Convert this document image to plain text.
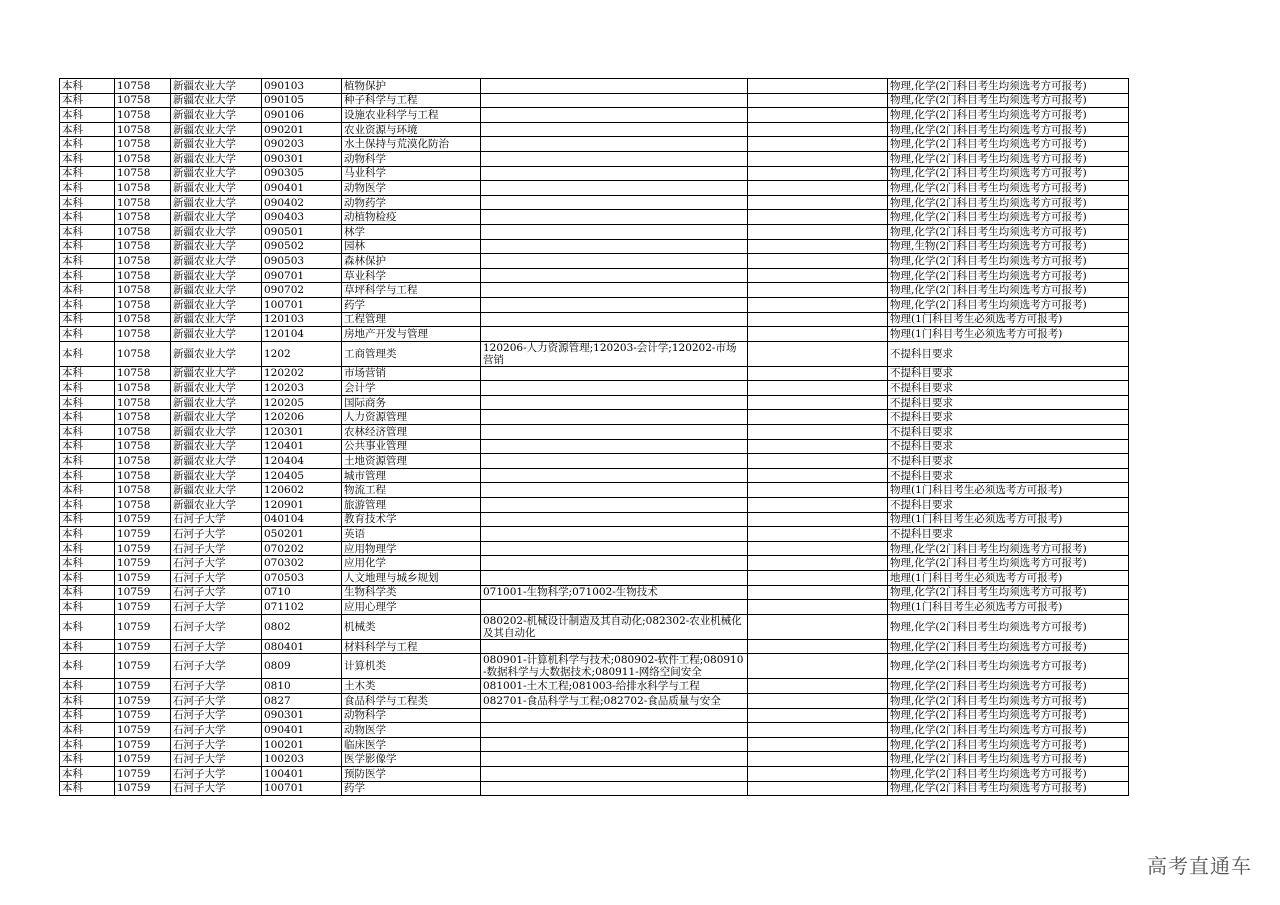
本科	10758	新疆农业大学	090103	植物保护			物理,化学(2门科目考生均须选考方可报考)
本科	10758	新疆农业大学	090105	种子科学与工程			物理,化学(2门科目考生均须选考方可报考)
本科	10758	新疆农业大学	090106	设施农业科学与工程			物理,化学(2门科目考生均须选考方可报考)
本科	10758	新疆农业大学	090201	农业资源与环境			物理,化学(2门科目考生均须选考方可报考)
本科	10758	新疆农业大学	090203	水土保持与荒漠化防治			物理,化学(2门科目考生均须选考方可报考)
本科	10758	新疆农业大学	090301	动物科学			物理,化学(2门科目考生均须选考方可报考)
本科	10758	新疆农业大学	090305	马业科学			物理,化学(2门科目考生均须选考方可报考)
本科	10758	新疆农业大学	090401	动物医学			物理,化学(2门科目考生均须选考方可报考)
本科	10758	新疆农业大学	090402	动物药学			物理,化学(2门科目考生均须选考方可报考)
本科	10758	新疆农业大学	090403	动植物检疫			物理,化学(2门科目考生均须选考方可报考)
本科	10758	新疆农业大学	090501	林学			物理,化学(2门科目考生均须选考方可报考)
本科	10758	新疆农业大学	090502	园林			物理,生物(2门科目考生均须选考方可报考)
本科	10758	新疆农业大学	090503	森林保护			物理,化学(2门科目考生均须选考方可报考)
本科	10758	新疆农业大学	090701	草业科学			物理,化学(2门科目考生均须选考方可报考)
本科	10758	新疆农业大学	090702	草坪科学与工程			物理,化学(2门科目考生均须选考方可报考)
本科	10758	新疆农业大学	100701	药学			物理,化学(2门科目考生均须选考方可报考)
本科	10758	新疆农业大学	120103	工程管理			物理(1门科目考生必须选考方可报考)
本科	10758	新疆农业大学	120104	房地产开发与管理			物理(1门科目考生必须选考方可报考)
本科	10758	新疆农业大学	1202	工商管理类	120206-人力资源管理;120203-会计学;120202-市场营销		不提科目要求
本科	10758	新疆农业大学	120202	市场营销			不提科目要求
本科	10758	新疆农业大学	120203	会计学			不提科目要求
本科	10758	新疆农业大学	120205	国际商务			不提科目要求
本科	10758	新疆农业大学	120206	人力资源管理			不提科目要求
本科	10758	新疆农业大学	120301	农林经济管理			不提科目要求
本科	10758	新疆农业大学	120401	公共事业管理			不提科目要求
本科	10758	新疆农业大学	120404	土地资源管理			不提科目要求
本科	10758	新疆农业大学	120405	城市管理			不提科目要求
本科	10758	新疆农业大学	120602	物流工程			物理(1门科目考生必须选考方可报考)
本科	10758	新疆农业大学	120901	旅游管理			不提科目要求
本科	10759	石河子大学	040104	教育技术学			物理(1门科目考生必须选考方可报考)
本科	10759	石河子大学	050201	英语			不提科目要求
本科	10759	石河子大学	070202	应用物理学			物理,化学(2门科目考生均须选考方可报考)
本科	10759	石河子大学	070302	应用化学			物理,化学(2门科目考生均须选考方可报考)
本科	10759	石河子大学	070503	人文地理与城乡规划			地理(1门科目考生必须选考方可报考)
本科	10759	石河子大学	0710	生物科学类	071001-生物科学;071002-生物技术		物理,化学(2门科目考生均须选考方可报考)
本科	10759	石河子大学	071102	应用心理学			物理(1门科目考生必须选考方可报考)
本科	10759	石河子大学	0802	机械类	080202-机械设计制造及其自动化;082302-农业机械化及其自动化		物理,化学(2门科目考生均须选考方可报考)
本科	10759	石河子大学	080401	材料科学与工程			物理,化学(2门科目考生均须选考方可报考)
本科	10759	石河子大学	0809	计算机类	080901-计算机科学与技术;080902-软件工程;080910-数据科学与大数据技术;080911-网络空间安全		物理,化学(2门科目考生均须选考方可报考)
本科	10759	石河子大学	0810	土木类	081001-土木工程;081003-给排水科学与工程		物理,化学(2门科目考生均须选考方可报考)
本科	10759	石河子大学	0827	食品科学与工程类	082701-食品科学与工程;082702-食品质量与安全		物理,化学(2门科目考生均须选考方可报考)
本科	10759	石河子大学	090301	动物科学			物理,化学(2门科目考生均须选考方可报考)
本科	10759	石河子大学	090401	动物医学			物理,化学(2门科目考生均须选考方可报考)
本科	10759	石河子大学	100201	临床医学			物理,化学(2门科目考生均须选考方可报考)
本科	10759	石河子大学	100203	医学影像学			物理,化学(2门科目考生均须选考方可报考)
本科	10759	石河子大学	100401	预防医学			物理,化学(2门科目考生均须选考方可报考)
本科	10759	石河子大学	100701	药学			物理,化学(2门科目考生均须选考方可报考)
高考直通车
